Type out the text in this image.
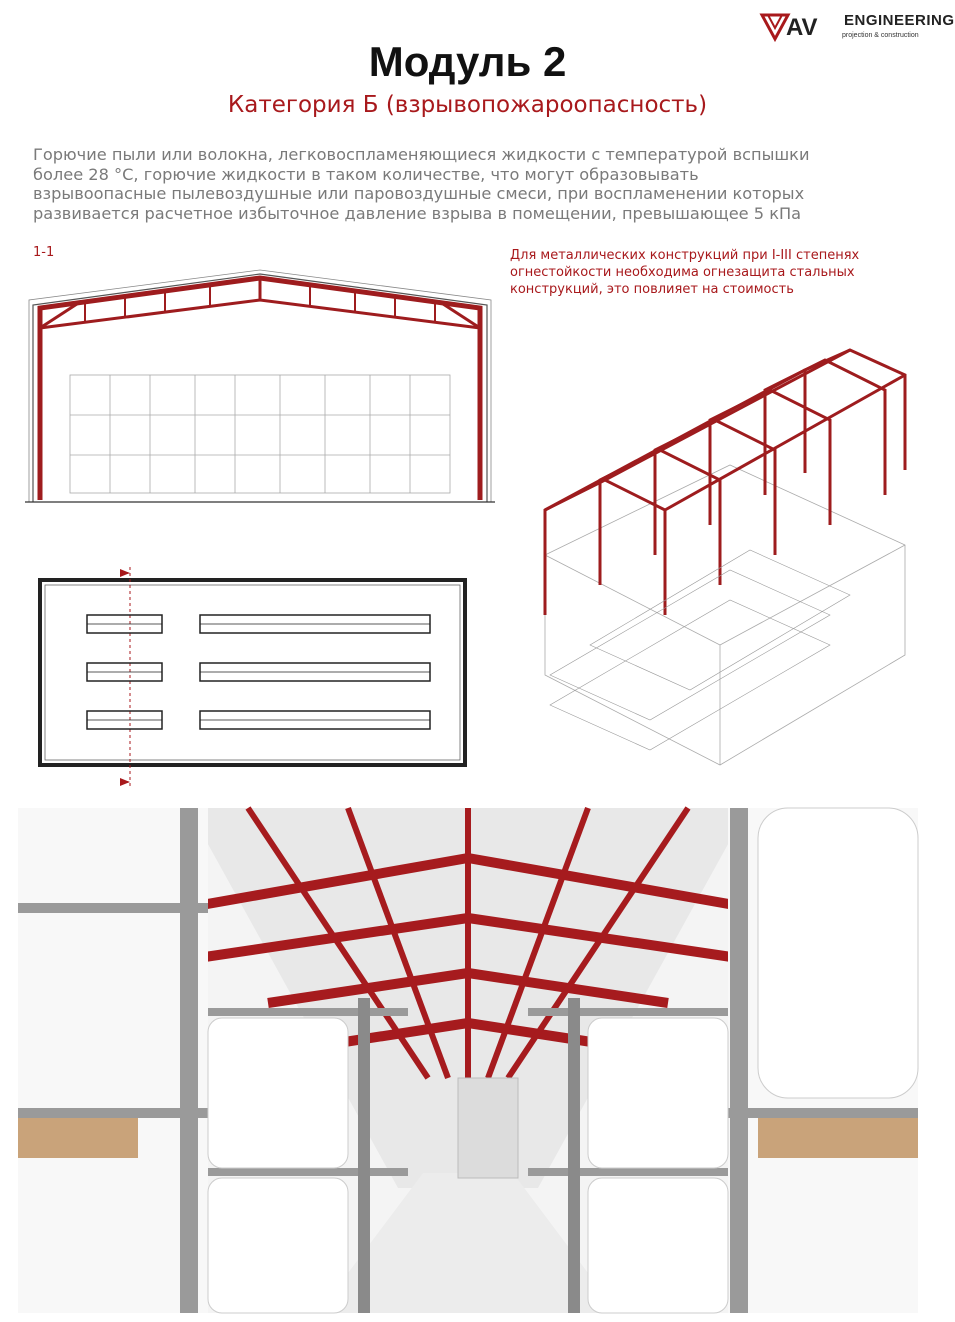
AV ENGINEERING
projection & construction
Модуль 2
Категория Б (взрывопожароопасность)
Горючие пыли или волокна, легковоспламеняющиеся жидкости с температурой вспышки
более 28 °С, горючие жидкости в таком количестве, что могут образовывать
взрывоопасные пылевоздушные или паровоздушные смеси, при воспламенении которых
развивается расчетное избыточное давление взрыва в помещении, превышающее 5 кПа
1-1	Для металлических конструкций при I-III степенях
огнестойкости необходима огнезащита стальных
конструкций, это повлияет на стоимость
